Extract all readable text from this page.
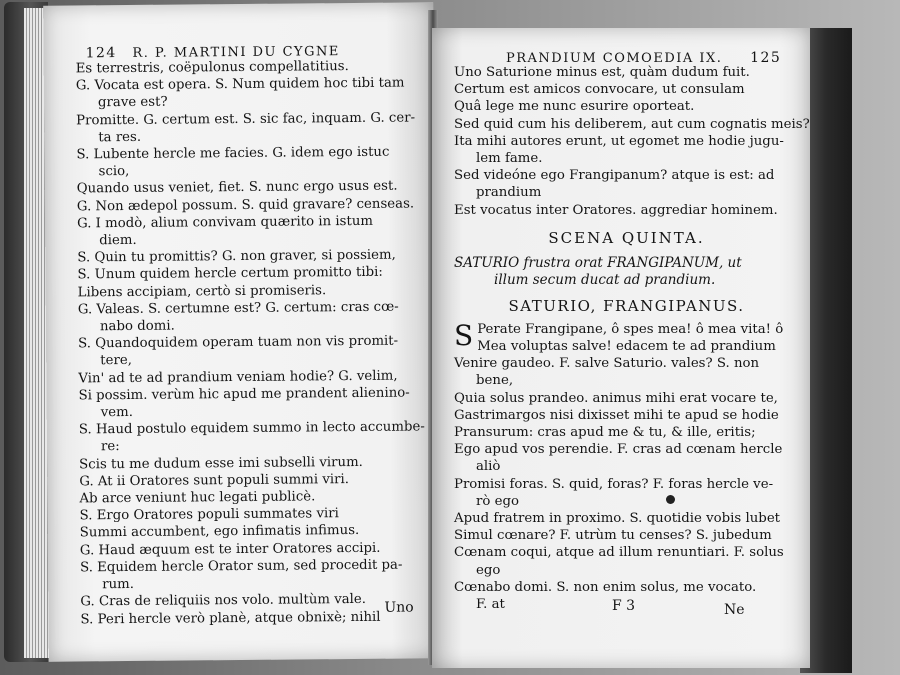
124 R. P. MARTINI DU CYGNE
Es terrestris, coëpulonus compellatitius.
G. Vocata est opera. S. Num quidem hoc tibi tam
grave est?
Promitte. G. certum est. S. sic fac, inquam. G. cer-
ta res.
S. Lubente hercle me facies. G. idem ego istuc
scio,
Quando usus veniet, fiet. S. nunc ergo usus est.
G. Non ædepol possum. S. quid gravare? censeas.
G. I modò, alium convivam quærito in istum
diem.
S. Quin tu promittis? G. non graver, si possiem,
S. Unum quidem hercle certum promitto tibi:
Libens accipiam, certò si promiseris.
G. Valeas. S. certumne est? G. certum: cras cœ-
nabo domi.
S. Quandoquidem operam tuam non vis promit-
tere,
Vin' ad te ad prandium veniam hodie? G. velim,
Si possim. verùm hic apud me prandent alienino-
vem.
S. Haud postulo equidem summo in lecto accumbe-
re:
Scis tu me dudum esse imi subselli virum.
G. At ii Oratores sunt populi summi viri.
Ab arce veniunt huc legati publicè.
S. Ergo Oratores populi summates viri
Summi accumbent, ego infimatis infimus.
G. Haud æquum est te inter Oratores accipi.
S. Equidem hercle Orator sum, sed procedit pa-
rum.
G. Cras de reliquiis nos volo. multùm vale.
S. Peri hercle verò planè, atque obnixè; nihil
Uno
PRANDIUM COMOEDIA IX. 125
Uno Saturione minus est, quàm dudum fuit.
Certum est amicos convocare, ut consulam
Quâ lege me nunc esurire oporteat.
Sed quid cum his deliberem, aut cum cognatis meis?
Ita mihi autores erunt, ut egomet me hodie jugu-
lem fame.
Sed videóne ego Frangipanum? atque is est: ad
prandium
Est vocatus inter Oratores. aggrediar hominem.
SCENA QUINTA.
SATURIO frustra orat FRANGIPANUM, ut
illum secum ducat ad prandium.
SATURIO, FRANGIPANUS.
S Perate Frangipane, ô spes mea! ô mea vita! ô
Mea voluptas salve! edacem te ad prandium
Venire gaudeo. F. salve Saturio. vales? S. non
bene,
Quia solus prandeo. animus mihi erat vocare te,
Gastrimargos nisi dixisset mihi te apud se hodie
Pransurum: cras apud me & tu, & ille, eritis;
Ego apud vos perendie. F. cras ad cœnam hercle
aliò
Promisi foras. S. quid, foras? F. foras hercle ve-
rò ego
Apud fratrem in proximo. S. quotidie vobis lubet
Simul cœnare? F. utrùm tu censes? S. jubedum
Cœnam coqui, atque ad illum renuntiari. F. solus
ego
Cœnabo domi. S. non enim solus, me vocato.
F. at	F 3	Ne
